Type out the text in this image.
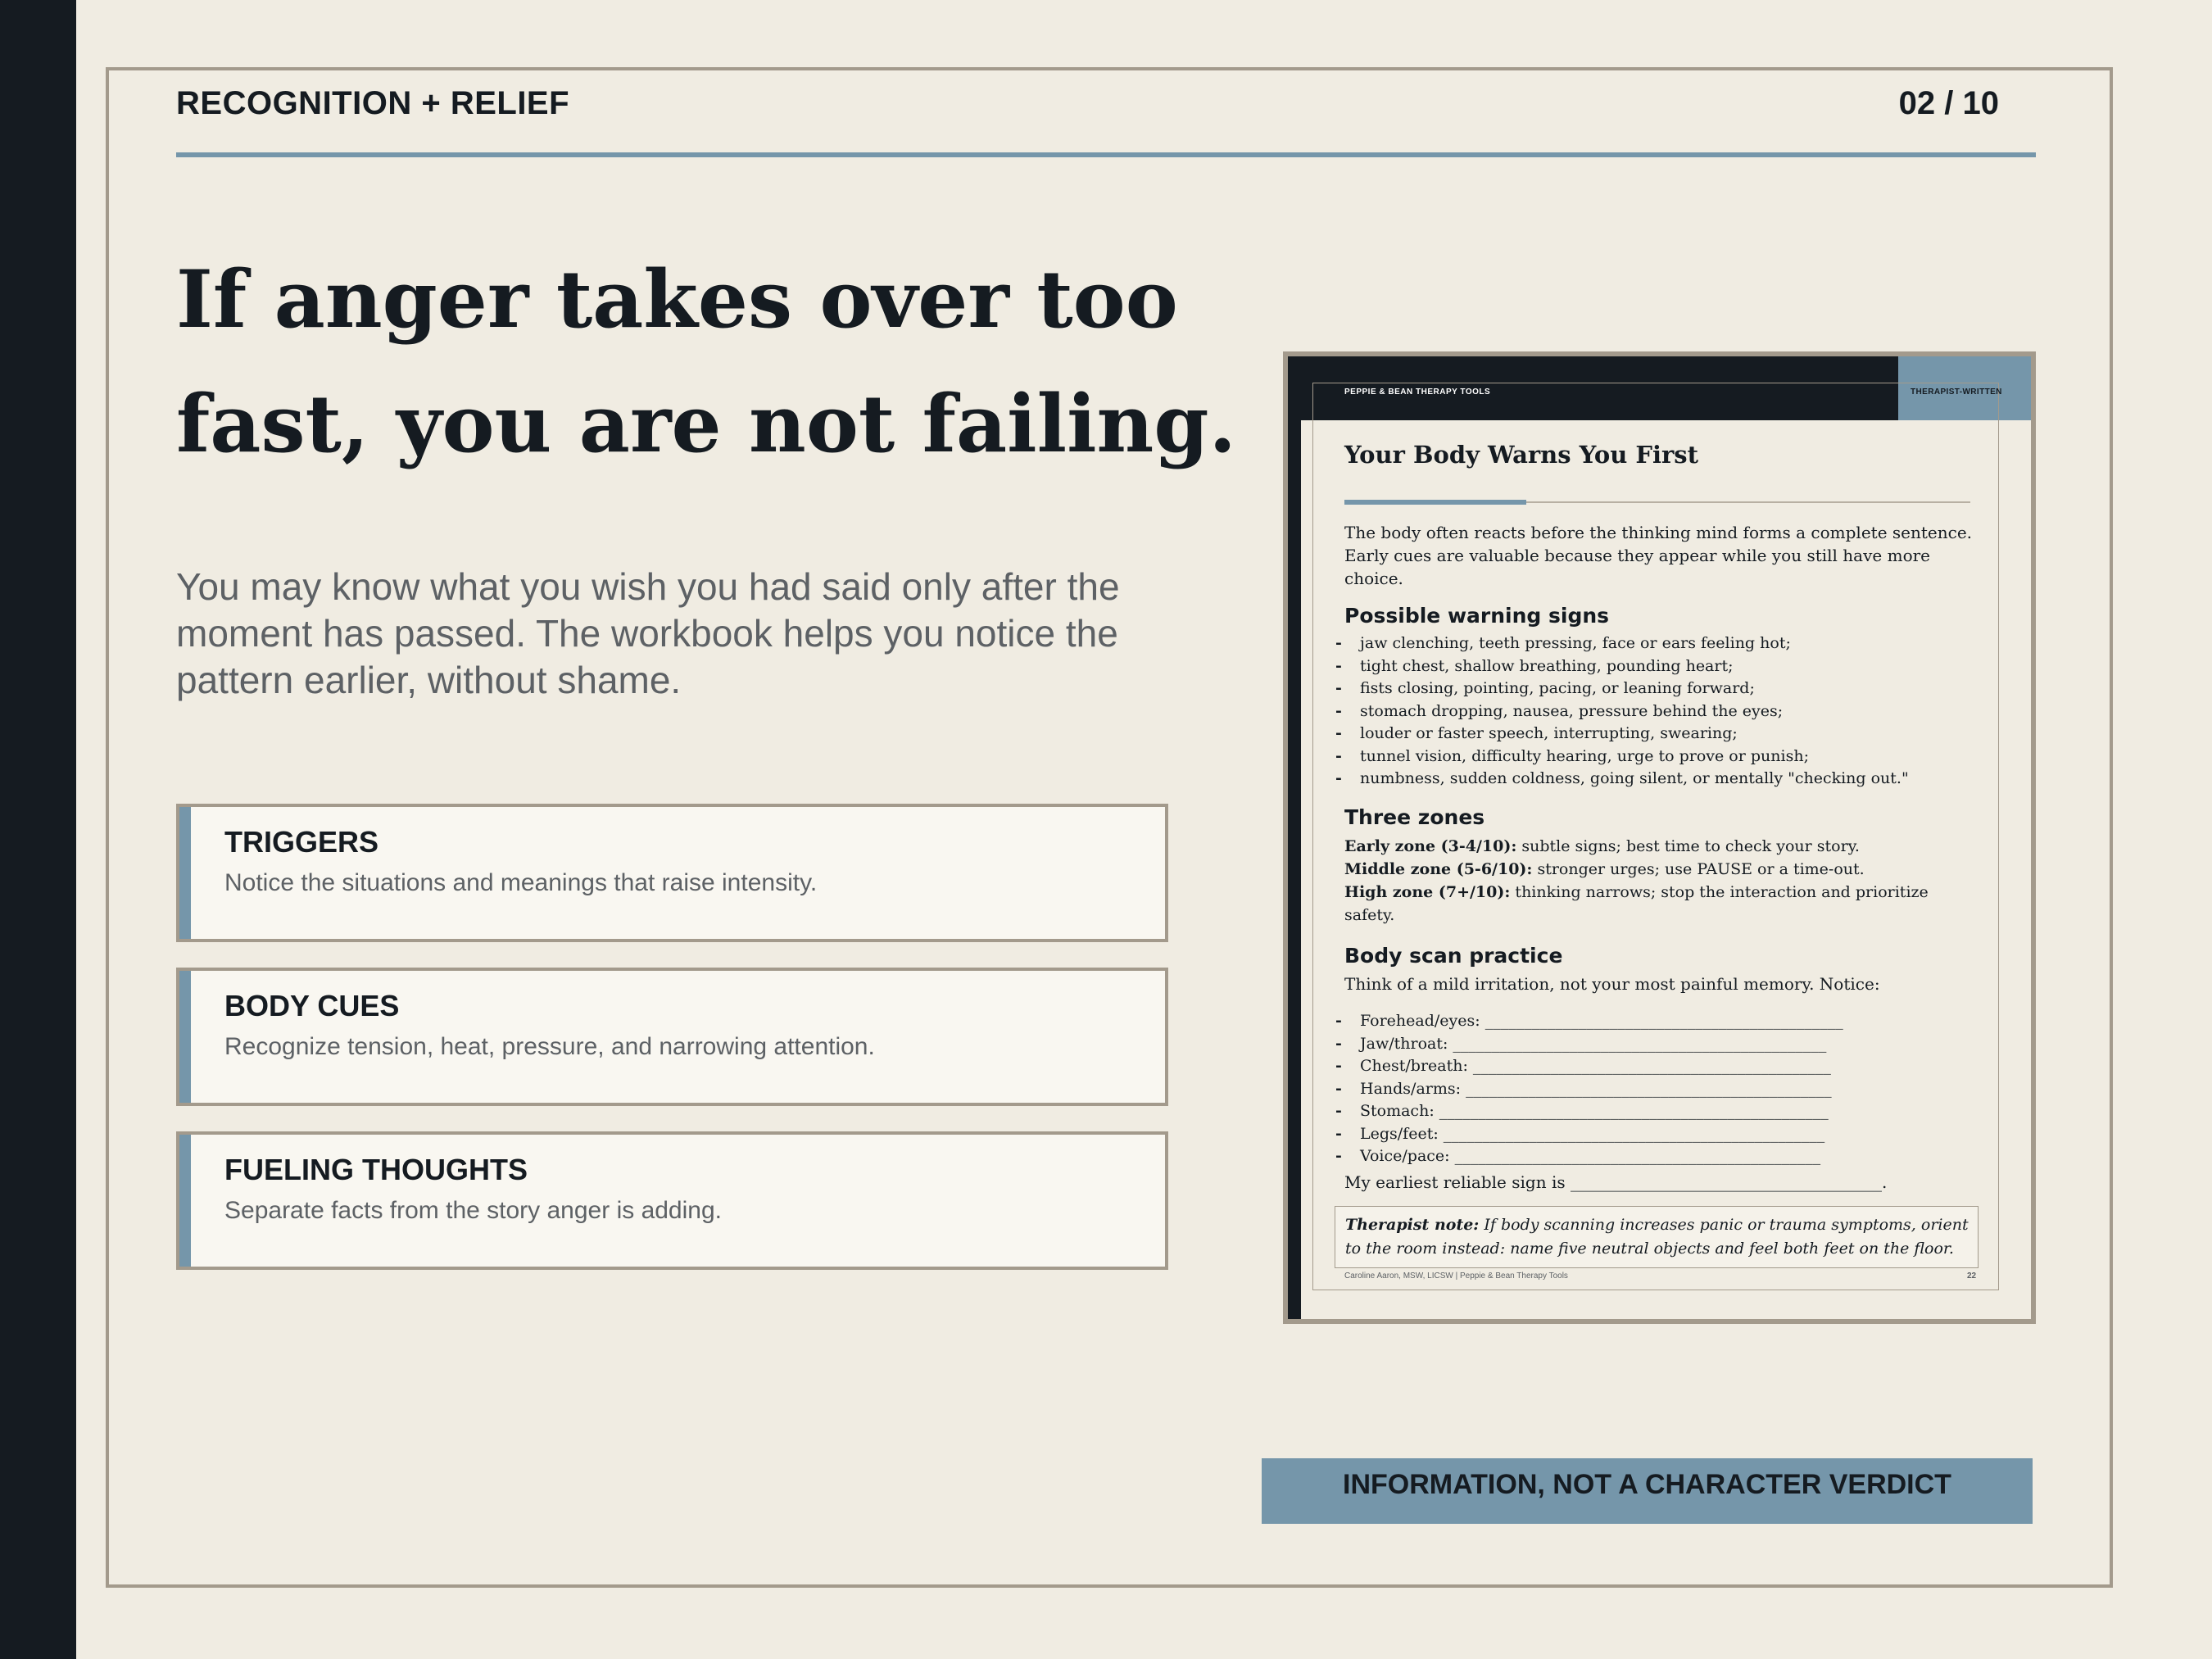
RECOGNITION + RELIEF	02 / 10
If anger takes over too fast, you are not failing.
You may know what you wish you had said only after the moment has passed. The workbook helps you notice the pattern earlier, without shame.
TRIGGERS
Notice the situations and meanings that raise intensity.
BODY CUES
Recognize tension, heat, pressure, and narrowing attention.
FUELING THOUGHTS
Separate facts from the story anger is adding.
PEPPIE & BEAN THERAPY TOOLS	THERAPIST-WRITTEN
Your Body Warns You First
The body often reacts before the thinking mind forms a complete sentence. Early cues are valuable because they appear while you still have more choice.
Possible warning signs
- jaw clenching, teeth pressing, face or ears feeling hot;
- tight chest, shallow breathing, pounding heart;
- fists closing, pointing, pacing, or leaning forward;
- stomach dropping, nausea, pressure behind the eyes;
- louder or faster speech, interrupting, swearing;
- tunnel vision, difficulty hearing, urge to prove or punish;
- numbness, sudden coldness, going silent, or mentally "checking out."
Three zones
Early zone (3-4/10): subtle signs; best time to check your story.
Middle zone (5-6/10): stronger urges; use PAUSE or a time-out.
High zone (7+/10): thinking narrows; stop the interaction and prioritize safety.
Body scan practice
Think of a mild irritation, not your most painful memory. Notice:
- Forehead/eyes: ______________________________________________
- Jaw/throat: ________________________________________________
- Chest/breath: ______________________________________________
- Hands/arms: _______________________________________________
- Stomach: __________________________________________________
- Legs/feet: _________________________________________________
- Voice/pace: _______________________________________________
My earliest reliable sign is ______________________________________.
Therapist note: If body scanning increases panic or trauma symptoms, orient to the room instead: name five neutral objects and feel both feet on the floor.
Caroline Aaron, MSW, LICSW | Peppie & Bean Therapy Tools	22
INFORMATION, NOT A CHARACTER VERDICT
